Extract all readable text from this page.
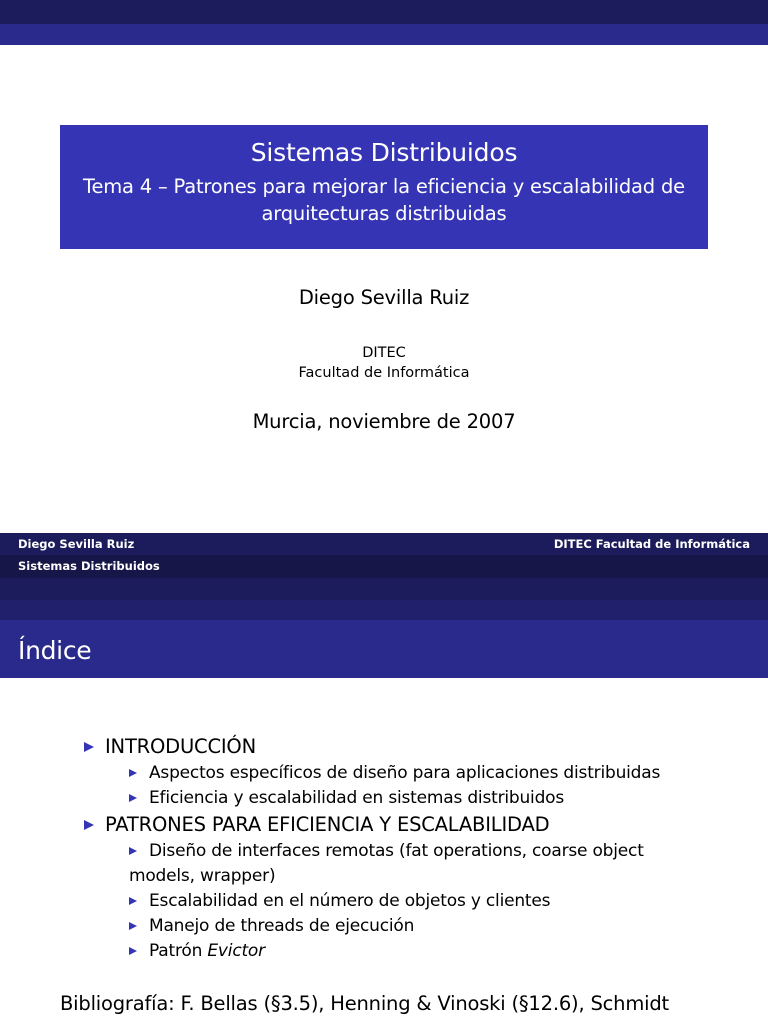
Sistemas Distribuidos
Tema 4 – Patrones para mejorar la eficiencia y escalabilidad de arquitecturas distribuidas
Diego Sevilla Ruiz
DITEC
Facultad de Informática
Murcia, noviembre de 2007
Diego Sevilla Ruiz	DITEC Facultad de Informática
Sistemas Distribuidos
Índice
INTRODUCCIÓN
Aspectos específicos de diseño para aplicaciones distribuidas
Eficiencia y escalabilidad en sistemas distribuidos
PATRONES PARA EFICIENCIA Y ESCALABILIDAD
Diseño de interfaces remotas (fat operations, coarse object
models, wrapper)
Escalabilidad en el número de objetos y clientes
Manejo de threads de ejecución
Patrón Evictor
Bibliografía: F. Bellas (§3.5), Henning & Vinoski (§12.6), Schmidt
